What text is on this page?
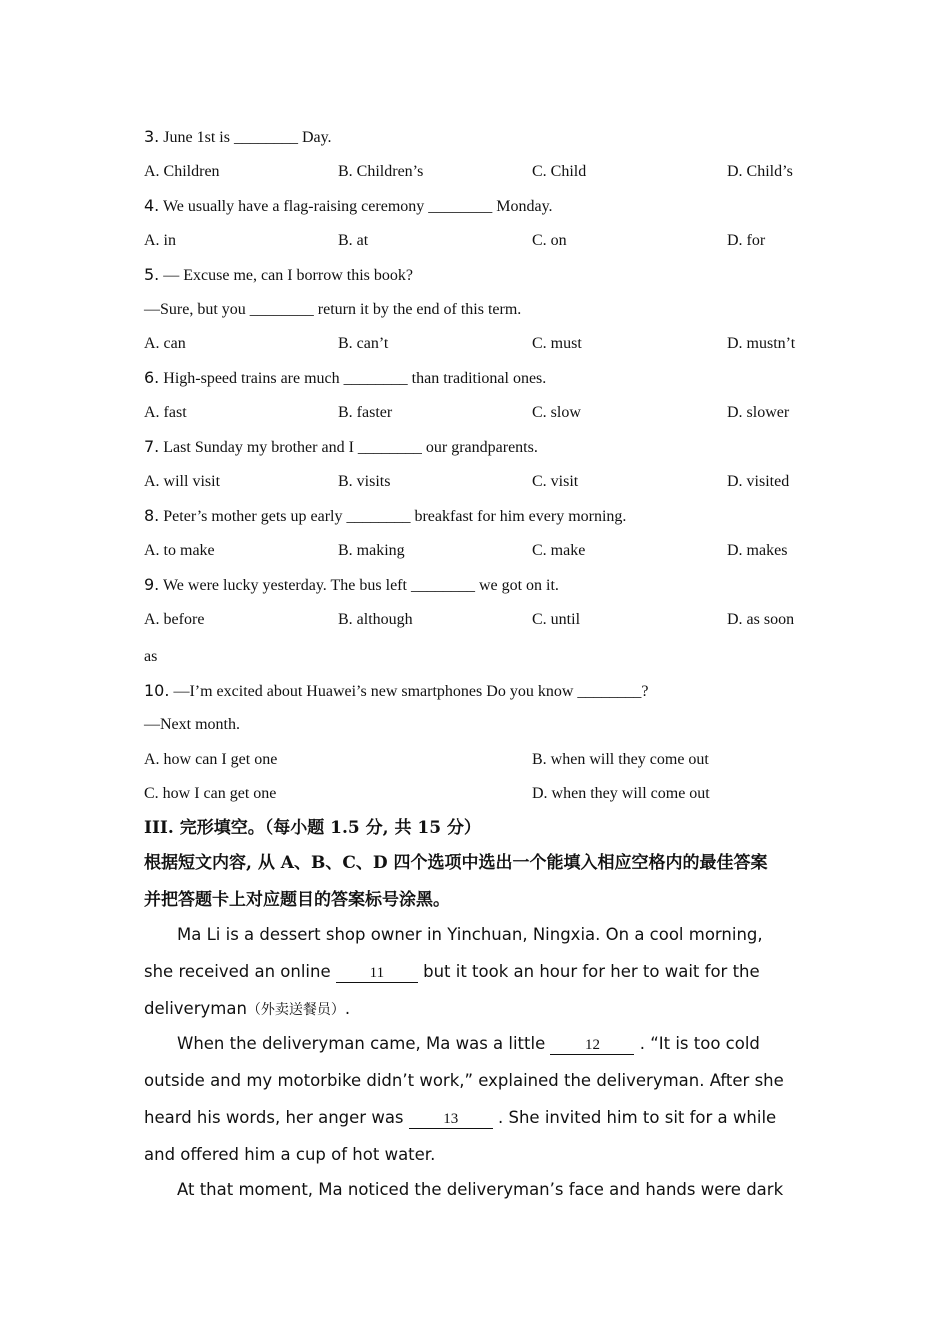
3. June 1st is ________ Day.
A. Children	B. Children’s	C. Child	D. Child’s
4. We usually have a flag-raising ceremony ________ Monday.
A. in	B. at	C. on	D. for
5. — Excuse me, can I borrow this book?
—Sure, but you ________ return it by the end of this term.
A. can	B. can’t	C. must	D. mustn’t
6. High-speed trains are much ________ than traditional ones.
A. fast	B. faster	C. slow	D. slower
7. Last Sunday my brother and I ________ our grandparents.
A. will visit	B. visits	C. visit	D. visited
8. Peter’s mother gets up early ________ breakfast for him every morning.
A. to make	B. making	C. make	D. makes
9. We were lucky yesterday. The bus left ________ we got on it.
A. before	B. although	C. until	D. as soon
as
10. —I’m excited about Huawei’s new smartphones Do you know ________?
—Next month.
A. how can I get one	B. when will they come out
C. how I can get one	D. when they will come out
III. 完形填空。（每小题 1.5 分, 共 15 分）
根据短文内容, 从 A、B、C、D 四个选项中选出一个能填入相应空格内的最佳答案
并把答题卡上对应题目的答案标号涂黑。
Ma Li is a dessert shop owner in Yinchuan, Ningxia. On a cool morning,
she received an online 11 but it took an hour for her to wait for the
deliveryman（外卖送餐员）.
When the deliveryman came, Ma was a little 12 . “It is too cold
outside and my motorbike didn’t work,” explained the deliveryman. After she
heard his words, her anger was 13 . She invited him to sit for a while
and offered him a cup of hot water.
At that moment, Ma noticed the deliveryman’s face and hands were dark
